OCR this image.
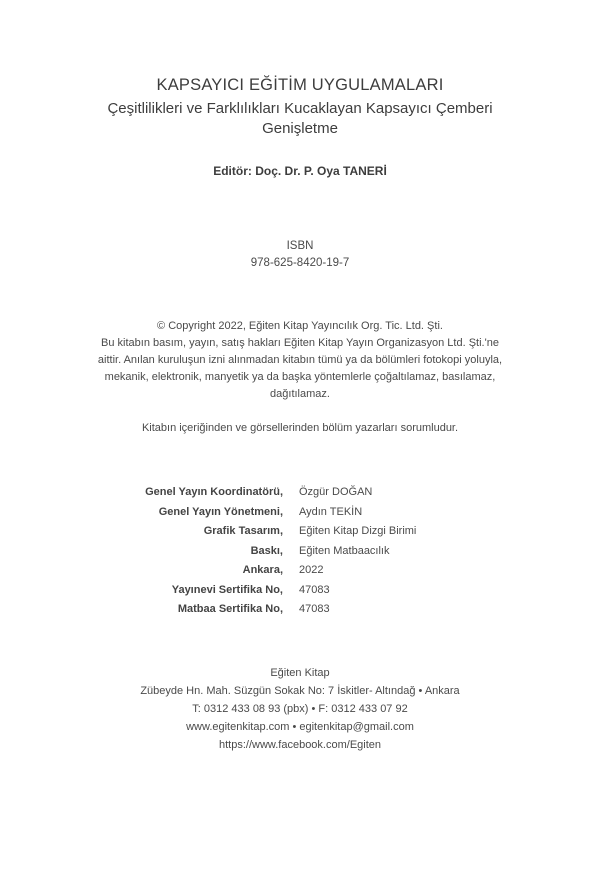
KAPSAYICI EĞİTİM UYGULAMALARI
Çeşitlilikleri ve Farklılıkları Kucaklayan Kapsayıcı Çemberi
Genişletme
Editör: Doç. Dr. P. Oya TANERİ
ISBN
978-625-8420-19-7

© Copyright 2022, Eğiten Kitap Yayıncılık Org. Tic. Ltd. Şti.

Bu kitabın basım, yayın, satış hakları Eğiten Kitap Yayın Organizasyon Ltd. Şti.'ne

aittir. Anılan kuruluşun izni alınmadan kitabın tümü ya da bölümleri fotokopi yoluyla,

mekanik, elektronik, manyetik ya da başka yöntemlerle çoğaltılamaz, basılamaz,

dağıtılamaz.

Kitabın içeriğinden ve görsellerinden bölüm yazarları sorumludur.
Genel Yayın Koordinatörü,	Özgür DOĞAN
Genel Yayın Yönetmeni,	Aydın TEKİN
Grafik Tasarım,	Eğiten Kitap Dizgi Birimi
Baskı,	Eğiten Matbaacılık
Ankara,	2022
Yayınevi Sertifika No,	47083
Matbaa Sertifika No,	47083
Eğiten Kitap
Zübeyde Hn. Mah. Süzgün Sokak No: 7 İskitler- Altındağ • Ankara
T: 0312 433 08 93 (pbx) • F: 0312 433 07 92
www.egitenkitap.com • egitenkitap@gmail.com
https://www.facebook.com/Egiten
